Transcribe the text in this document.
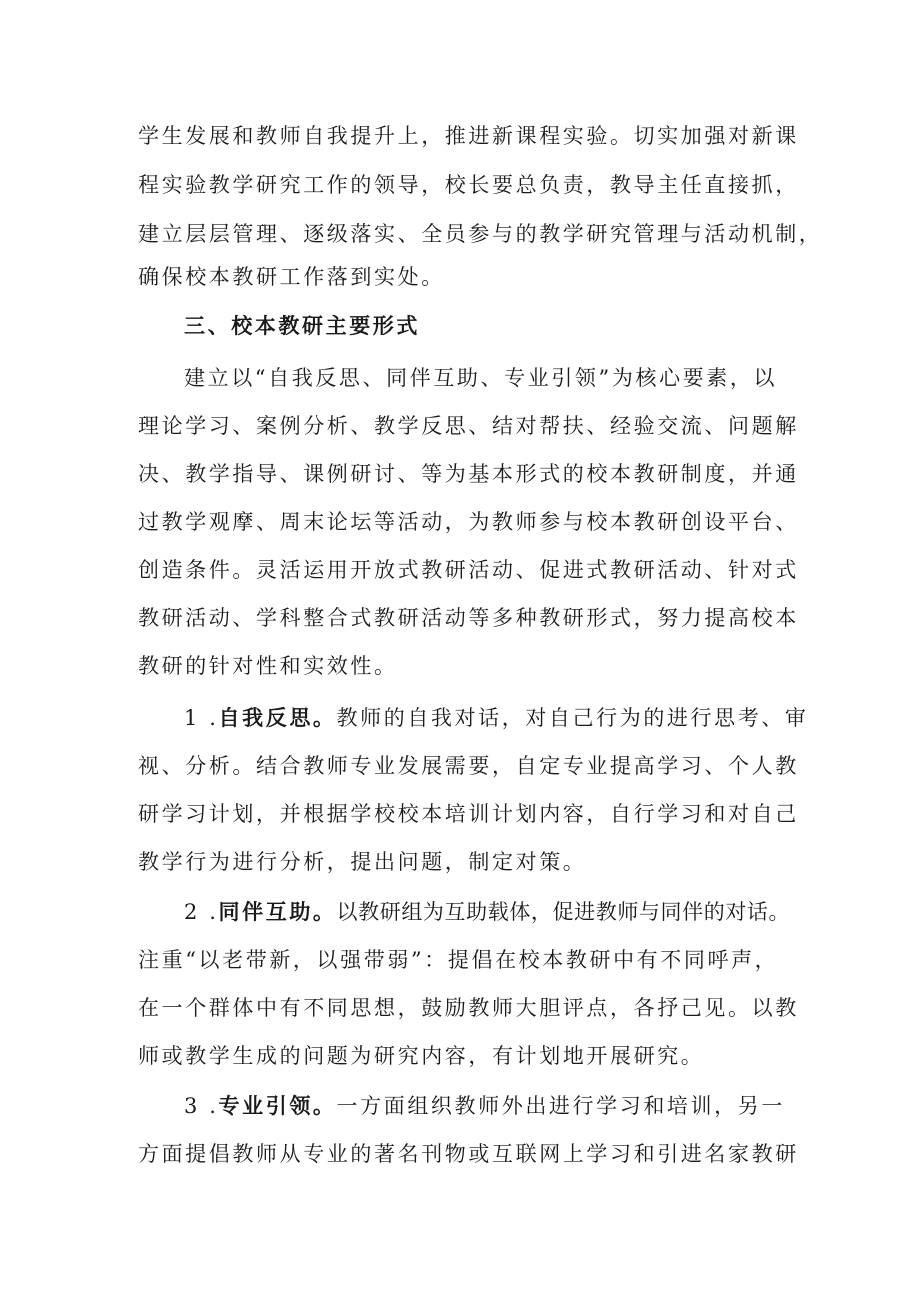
学生发展和教师自我提升上，推进新课程实验。切实加强对新课
程实验教学研究工作的领导，校长要总负责，教导主任直接抓，
建立层层管理、逐级落实、全员参与的教学研究管理与活动机制，
确保校本教研工作落到实处。
三、校本教研主要形式
建立以“自我反思、同伴互助、专业引领”为核心要素，以
理论学习、案例分析、教学反思、结对帮扶、经验交流、问题解
决、教学指导、课例研讨、等为基本形式的校本教研制度，并通
过教学观摩、周末论坛等活动，为教师参与校本教研创设平台、
创造条件。灵活运用开放式教研活动、促进式教研活动、针对式
教研活动、学科整合式教研活动等多种教研形式，努力提高校本
教研的针对性和实效性。
1 .自我反思。教师的自我对话，对自己行为的进行思考、审
视、分析。结合教师专业发展需要，自定专业提高学习、个人教
研学习计划，并根据学校校本培训计划内容，自行学习和对自己
教学行为进行分析，提出问题，制定对策。
2 .同伴互助。以教研组为互助载体，促进教师与同伴的对话。
注重“以老带新，以强带弱”：提倡在校本教研中有不同呼声，
在一个群体中有不同思想，鼓励教师大胆评点，各抒己见。以教
师或教学生成的问题为研究内容，有计划地开展研究。
3 .专业引领。一方面组织教师外出进行学习和培训，另一
方面提倡教师从专业的著名刊物或互联网上学习和引进名家教研
